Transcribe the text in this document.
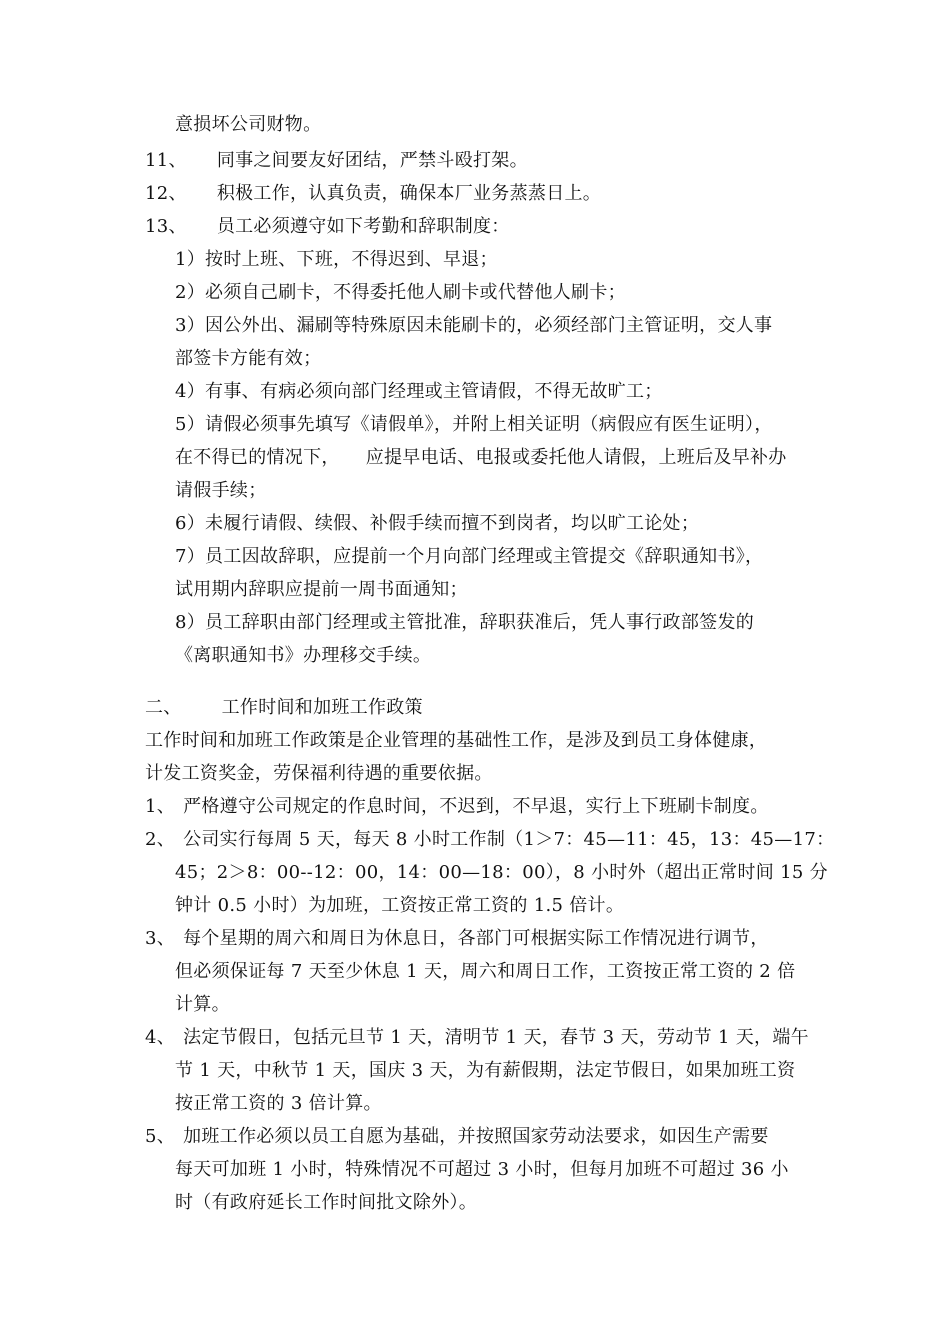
意损坏公司财物。
11、 同事之间要友好团结，严禁斗殴打架。
12、 积极工作，认真负责，确保本厂业务蒸蒸日上。
13、 员工必须遵守如下考勤和辞职制度：
1）按时上班、下班，不得迟到、早退；
2）必须自己刷卡，不得委托他人刷卡或代替他人刷卡；
3）因公外出、漏刷等特殊原因未能刷卡的，必须经部门主管证明，交人事
部签卡方能有效；
4）有事、有病必须向部门经理或主管请假，不得无故旷工；
5）请假必须事先填写《请假单》，并附上相关证明（病假应有医生证明），
在不得已的情况下， 应提早电话、电报或委托他人请假，上班后及早补办
请假手续；
6）未履行请假、续假、补假手续而擅不到岗者，均以旷工论处；
7）员工因故辞职，应提前一个月向部门经理或主管提交《辞职通知书》，
试用期内辞职应提前一周书面通知；
8）员工辞职由部门经理或主管批准，辞职获准后，凭人事行政部签发的
《离职通知书》办理移交手续。
二、 工作时间和加班工作政策
工作时间和加班工作政策是企业管理的基础性工作，是涉及到员工身体健康，
计发工资奖金，劳保福利待遇的重要依据。
1、 严格遵守公司规定的作息时间，不迟到，不早退，实行上下班刷卡制度。
2、 公司实行每周 5 天，每天 8 小时工作制（1＞7：45—11：45，13：45—17：
45；2＞8：00--12：00，14：00—18：00），8 小时外（超出正常时间 15 分
钟计 0.5 小时）为加班，工资按正常工资的 1.5 倍计。
3、 每个星期的周六和周日为休息日，各部门可根据实际工作情况进行调节，
但必须保证每 7 天至少休息 1 天，周六和周日工作，工资按正常工资的 2 倍
计算。
4、 法定节假日，包括元旦节 1 天，清明节 1 天，春节 3 天，劳动节 1 天，端午
节 1 天，中秋节 1 天，国庆 3 天，为有薪假期，法定节假日，如果加班工资
按正常工资的 3 倍计算。
5、 加班工作必须以员工自愿为基础，并按照国家劳动法要求，如因生产需要
每天可加班 1 小时，特殊情况不可超过 3 小时，但每月加班不可超过 36 小
时（有政府延长工作时间批文除外）。
